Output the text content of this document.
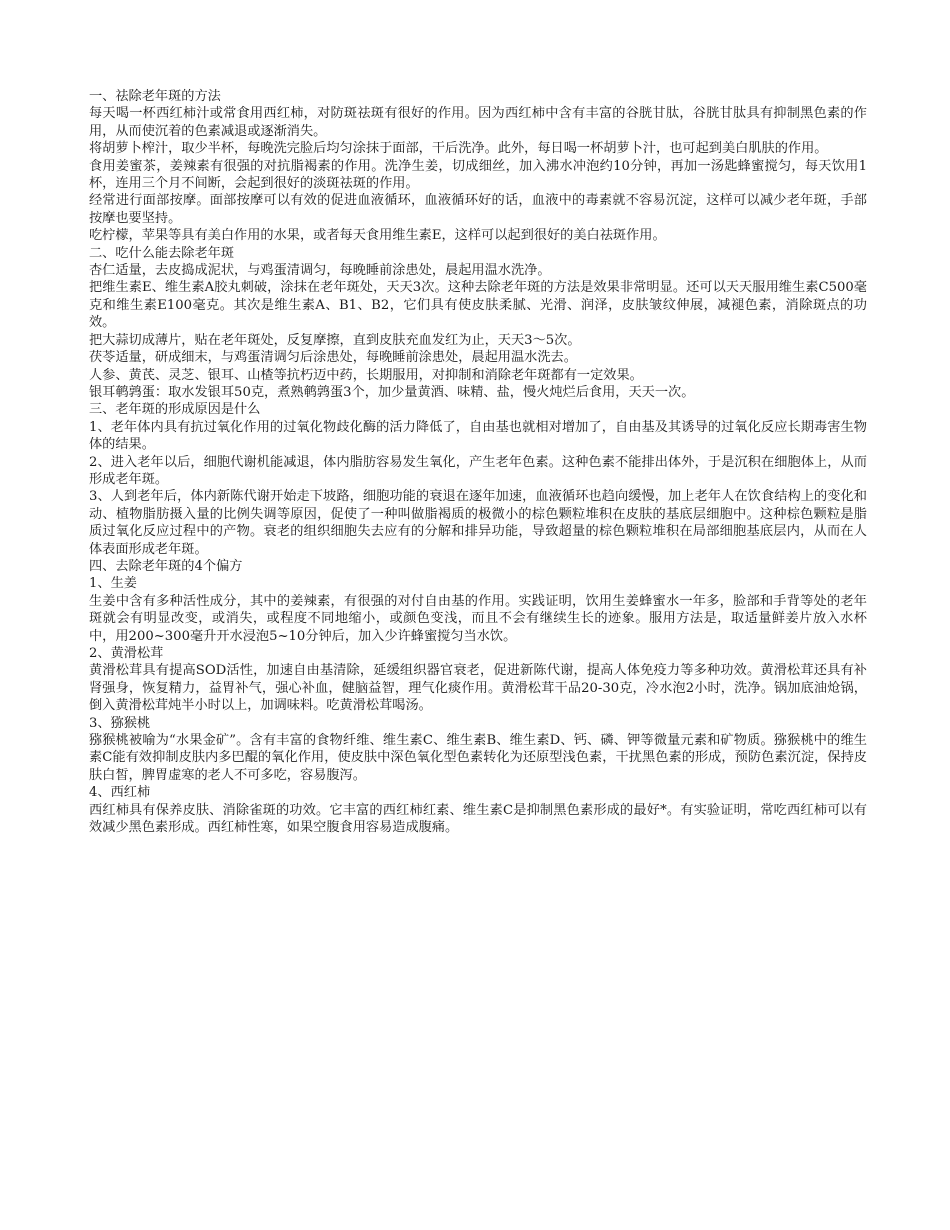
一、祛除老年斑的方法

每天喝一杯西红柿汁或常食用西红柿，对防斑祛斑有很好的作用。因为西红柿中含有丰富的谷胱甘肽，谷胱甘肽具有抑制黑色素的作用，从而使沉着的色素减退或逐渐消失。

将胡萝卜榨汁，取少半杯，每晚洗完脸后均匀涂抹于面部，干后洗净。此外，每日喝一杯胡萝卜汁，也可起到美白肌肤的作用。

食用姜蜜茶，姜辣素有很强的对抗脂褐素的作用。洗净生姜，切成细丝，加入沸水冲泡约10分钟，再加一汤匙蜂蜜搅匀，每天饮用1杯，连用三个月不间断，会起到很好的淡斑祛斑的作用。

经常进行面部按摩。面部按摩可以有效的促进血液循环，血液循环好的话，血液中的毒素就不容易沉淀，这样可以减少老年斑，手部按摩也要坚持。

吃柠檬，苹果等具有美白作用的水果，或者每天食用维生素E，这样可以起到很好的美白祛斑作用。

二、吃什么能去除老年斑

杏仁适量，去皮捣成泥状，与鸡蛋清调匀，每晚睡前涂患处，晨起用温水洗净。

把维生素E、维生素A胶丸刺破，涂抹在老年斑处，天天3次。这种去除老年斑的方法是效果非常明显。还可以天天服用维生素C500毫克和维生素E100毫克。其次是维生素A、B1、B2，它们具有使皮肤柔腻、光滑、润泽，皮肤皱纹伸展，减褪色素，消除斑点的功效。

把大蒜切成薄片，贴在老年斑处，反复摩擦，直到皮肤充血发红为止，天天3～5次。

茯苓适量，研成细末，与鸡蛋清调匀后涂患处，每晚睡前涂患处，晨起用温水洗去。

人参、黄芪、灵芝、银耳、山楂等抗朽迈中药，长期服用，对抑制和消除老年斑都有一定效果。

银耳鹌鹑蛋：取水发银耳50克，煮熟鹌鹑蛋3个，加少量黄酒、味精、盐，慢火炖烂后食用，天天一次。

三、老年斑的形成原因是什么

1、老年体内具有抗过氧化作用的过氧化物歧化酶的活力降低了，自由基也就相对增加了，自由基及其诱导的过氧化反应长期毒害生物体的结果。

2、进入老年以后，细胞代谢机能减退，体内脂肪容易发生氧化，产生老年色素。这种色素不能排出体外，于是沉积在细胞体上，从而形成老年斑。

3、人到老年后，体内新陈代谢开始走下坡路，细胞功能的衰退在逐年加速，血液循环也趋向缓慢，加上老年人在饮食结构上的变化和动、植物脂肪摄入量的比例失调等原因，促使了一种叫做脂褐质的极微小的棕色颗粒堆积在皮肤的基底层细胞中。这种棕色颗粒是脂质过氧化反应过程中的产物。衰老的组织细胞失去应有的分解和排异功能，导致超量的棕色颗粒堆积在局部细胞基底层内，从而在人体表面形成老年斑。

四、去除老年斑的4个偏方

1、生姜

生姜中含有多种活性成分，其中的姜辣素，有很强的对付自由基的作用。实践证明，饮用生姜蜂蜜水一年多，脸部和手背等处的老年斑就会有明显改变，或消失，或程度不同地缩小，或颜色变浅，而且不会有继续生长的迹象。服用方法是，取适量鲜姜片放入水杯中，用200~300毫升开水浸泡5~10分钟后，加入少许蜂蜜搅匀当水饮。

2、黄滑松茸

黄滑松茸具有提高SOD活性，加速自由基清除，延缓组织器官衰老，促进新陈代谢，提高人体免疫力等多种功效。黄滑松茸还具有补肾强身，恢复精力，益胃补气，强心补血，健脑益智，理气化痰作用。黄滑松茸干品20-30克，冷水泡2小时，洗净。锅加底油炝锅，倒入黄滑松茸炖半小时以上，加调味料。吃黄滑松茸喝汤。

3、猕猴桃

猕猴桃被喻为“水果金矿”。含有丰富的食物纤维、维生素C、维生素B、维生素D、钙、磷、钾等微量元素和矿物质。猕猴桃中的维生素C能有效抑制皮肤内多巴醌的氧化作用，使皮肤中深色氧化型色素转化为还原型浅色素，干扰黑色素的形成，预防色素沉淀，保持皮肤白皙，脾胃虚寒的老人不可多吃，容易腹泻。

4、西红柿

西红柿具有保养皮肤、消除雀斑的功效。它丰富的西红柿红素、维生素C是抑制黑色素形成的最好*。有实验证明，常吃西红柿可以有效减少黑色素形成。西红柿性寒，如果空腹食用容易造成腹痛。
